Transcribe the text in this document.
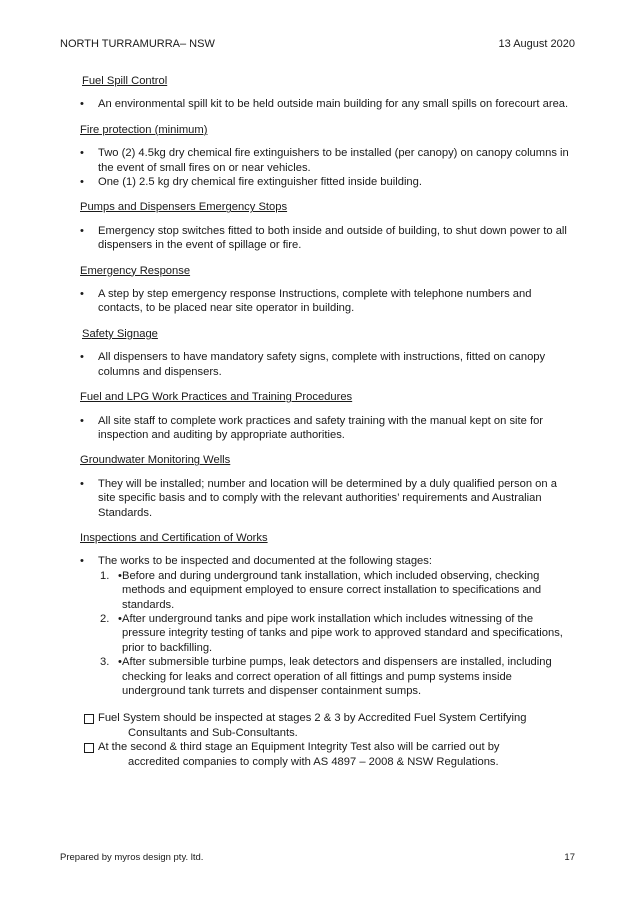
NORTH TURRAMURRA– NSW	13 August 2020

Fuel Spill Control

• An environmental spill kit to be held outside main building for any small spills on forecourt area.

Fire protection (minimum)

• Two (2) 4.5kg dry chemical fire extinguishers to be installed (per canopy) on canopy columns in the event of small fires on or near vehicles.
• One (1) 2.5 kg dry chemical fire extinguisher fitted inside building.

Pumps and Dispensers Emergency Stops

• Emergency stop switches fitted to both inside and outside of building, to shut down power to all dispensers in the event of spillage or fire.

Emergency Response

• A step by step emergency response Instructions, complete with telephone numbers and contacts, to be placed near site operator in building.

Safety Signage

• All dispensers to have mandatory safety signs, complete with instructions, fitted on canopy columns and dispensers.

Fuel and LPG Work Practices and Training Procedures

• All site staff to complete work practices and safety training with the manual kept on site for inspection and auditing by appropriate authorities.

Groundwater Monitoring Wells

• They will be installed; number and location will be determined by a duly qualified person on a site specific basis and to comply with the relevant authorities’ requirements and Australian Standards.

Inspections and Certification of Works

• The works to be inspected and documented at the following stages:
• 1. Before and during underground tank installation, which included observing, checking methods and equipment employed to ensure correct installation to specifications and standards.
• 2. After underground tanks and pipe work installation which includes witnessing of the pressure integrity testing of tanks and pipe work to approved standard and specifications, prior to backfilling.
• 3. After submersible turbine pumps, leak detectors and dispensers are installed, including checking for leaks and correct operation of all fittings and pump systems inside underground tank turrets and dispenser containment sumps.

Fuel System should be inspected at stages 2 & 3 by Accredited Fuel System Certifying
Consultants and Sub-Consultants.

At the second & third stage an Equipment Integrity Test also will be carried out by
accredited companies to comply with AS 4897 – 2008 & NSW Regulations.

Prepared by myros design pty. ltd.	17
